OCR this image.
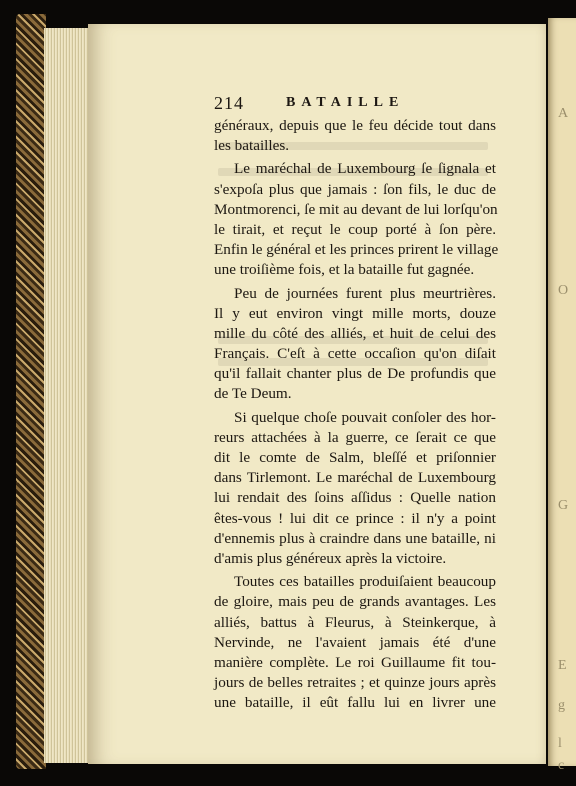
A
O
G
E
g
l
c
214	BATAILLE
généraux, depuis que le feu décide tout dans
les batailles.
Le maréchal de Luxembourg ſe ſignala et
s'expoſa plus que jamais : ſon fils, le duc de
Montmorenci, ſe mit au devant de lui lorſqu'on
le tirait, et reçut le coup porté à ſon père.
Enfin le général et les princes prirent le village
une troiſième fois, et la bataille fut gagnée.
Peu de journées furent plus meurtrières.
Il y eut environ vingt mille morts, douze
mille du côté des alliés, et huit de celui des
Français. C'eſt à cette occaſion qu'on diſait
qu'il fallait chanter plus de De profundis que
de Te Deum.
Si quelque choſe pouvait conſoler des hor-
reurs attachées à la guerre, ce ſerait ce que
dit le comte de Salm, bleſſé et priſonnier
dans Tirlemont. Le maréchal de Luxembourg
lui rendait des ſoins aſſidus : Quelle nation
êtes-vous ! lui dit ce prince : il n'y a point
d'ennemis plus à craindre dans une bataille, ni
d'amis plus généreux après la victoire.
Toutes ces batailles produiſaient beaucoup
de gloire, mais peu de grands avantages. Les
alliés, battus à Fleurus, à Steinkerque, à
Nervinde, ne l'avaient jamais été d'une
manière complète. Le roi Guillaume fit tou-
jours de belles retraites ; et quinze jours après
une bataille, il eût fallu lui en livrer une
